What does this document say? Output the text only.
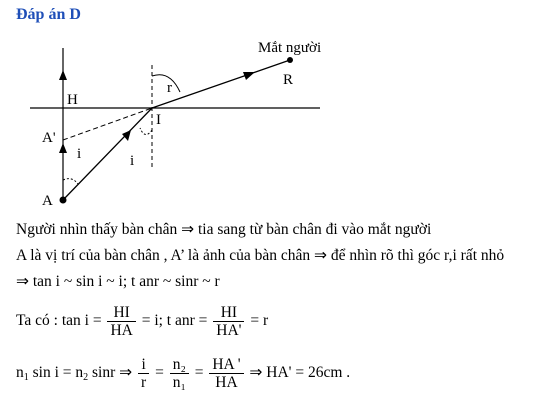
Đáp án D
Mắt người
R
r
H
I
A'
A
i	i
Người nhìn thấy bàn chân ⇒ tia sang từ bàn chân đi vào mắt người
A là vị trí của bàn chân , A’ là ảnh của bàn chân ⇒ để nhìn rõ thì góc r,i rất nhỏ
⇒ tan i ~ sin i ~ i; t anr ~ sinr ~ r
Ta có : $\tan i = \frac{HI}{HA} = i$; t anr = $\frac{HI}{HA'} = r$
$n_1$ $\sin i = n_2$ sinr ⇒ $\frac{i}{r} = \frac{\text{n₂}}{\text{n₁}} = \frac{HA '}{HA}$ ⇒ HA' = 26cm .
